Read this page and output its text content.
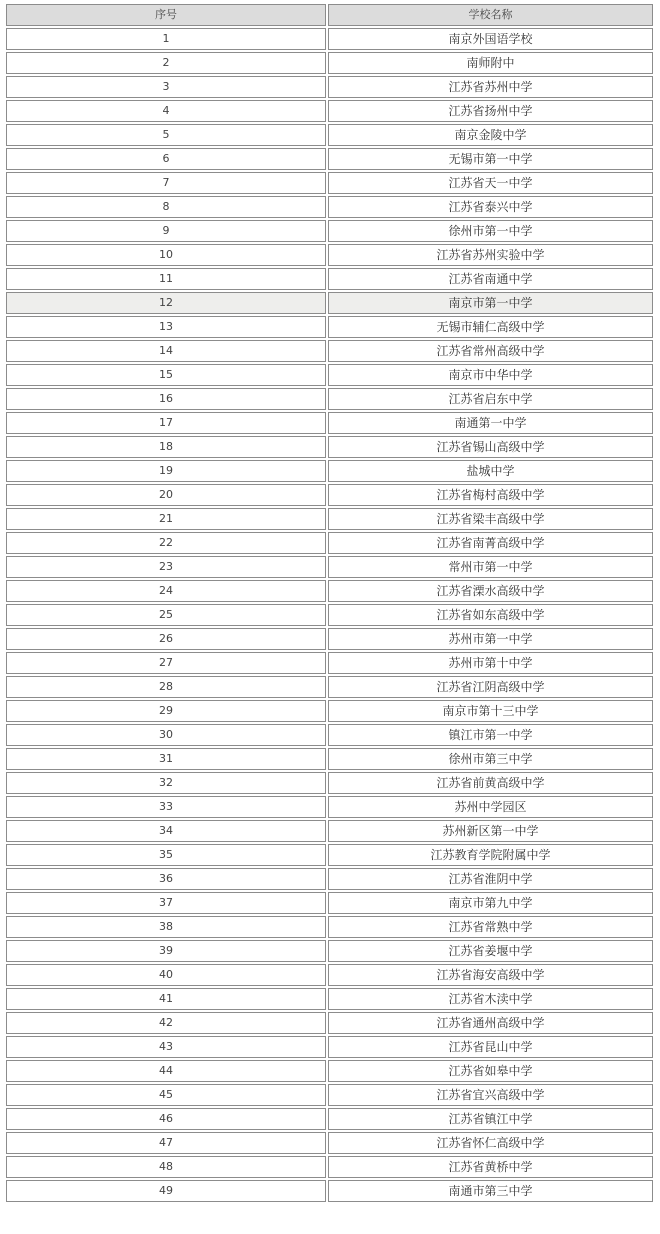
序号	学校名称
1	南京外国语学校
2	南师附中
3	江苏省苏州中学
4	江苏省扬州中学
5	南京金陵中学
6	无锡市第一中学
7	江苏省天一中学
8	江苏省泰兴中学
9	徐州市第一中学
10	江苏省苏州实验中学
11	江苏省南通中学
12	南京市第一中学
13	无锡市辅仁高级中学
14	江苏省常州高级中学
15	南京市中华中学
16	江苏省启东中学
17	南通第一中学
18	江苏省锡山高级中学
19	盐城中学
20	江苏省梅村高级中学
21	江苏省梁丰高级中学
22	江苏省南菁高级中学
23	常州市第一中学
24	江苏省溧水高级中学
25	江苏省如东高级中学
26	苏州市第一中学
27	苏州市第十中学
28	江苏省江阴高级中学
29	南京市第十三中学
30	镇江市第一中学
31	徐州市第三中学
32	江苏省前黄高级中学
33	苏州中学园区
34	苏州新区第一中学
35	江苏教育学院附属中学
36	江苏省淮阴中学
37	南京市第九中学
38	江苏省常熟中学
39	江苏省姜堰中学
40	江苏省海安高级中学
41	江苏省木渎中学
42	江苏省通州高级中学
43	江苏省昆山中学
44	江苏省如皋中学
45	江苏省宜兴高级中学
46	江苏省镇江中学
47	江苏省怀仁高级中学
48	江苏省黄桥中学
49	南通市第三中学
